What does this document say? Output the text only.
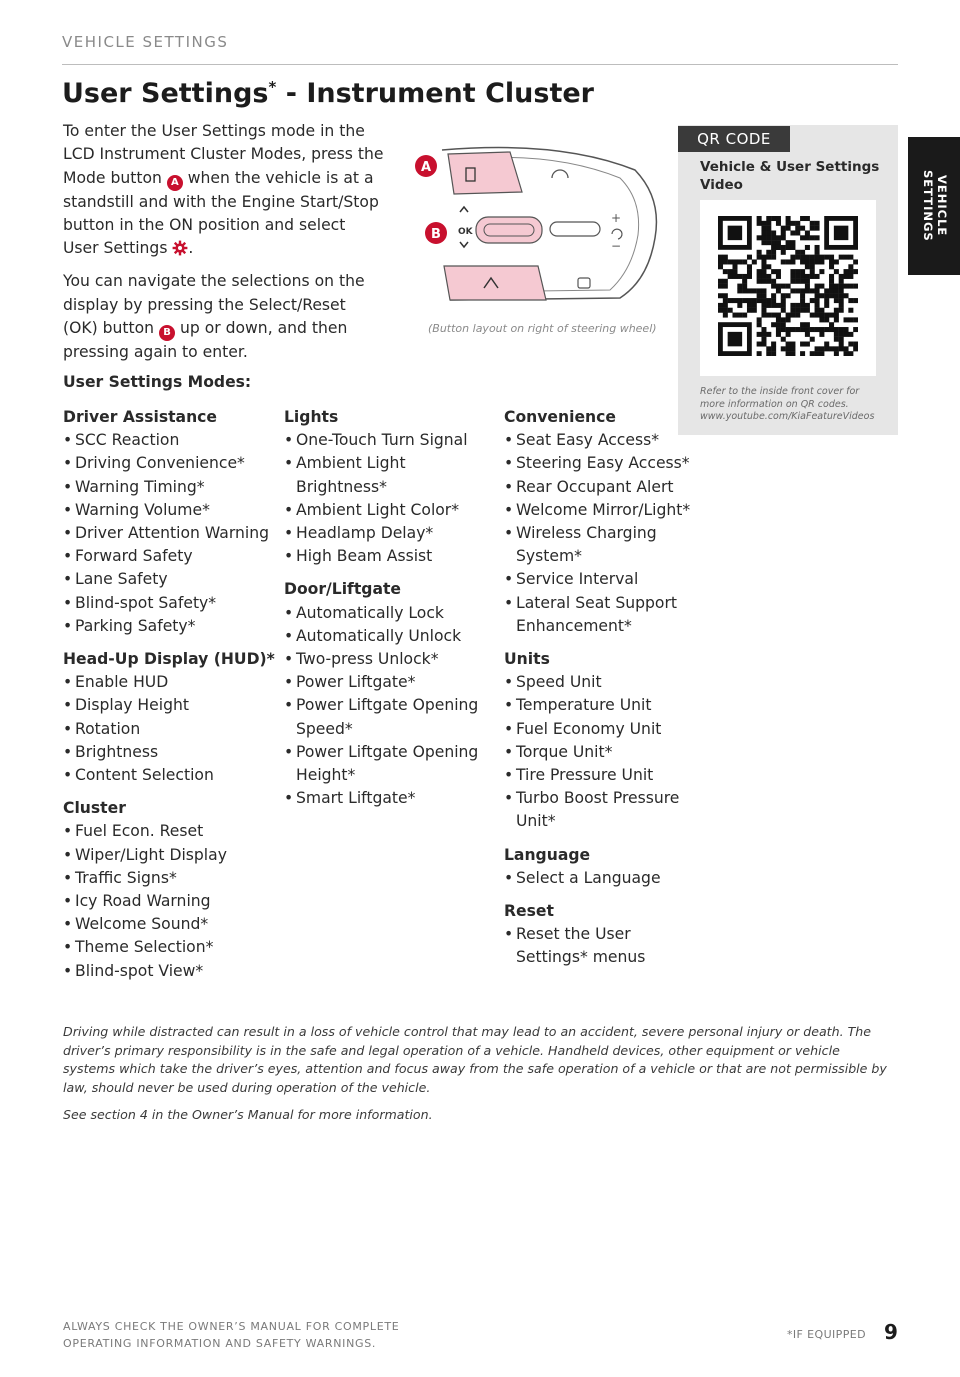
VEHICLE SETTINGS
VEHICLE SETTINGS
User Settings* - Instrument Cluster

To enter the User Settings mode in the LCD Instrument Cluster Modes, press the Mode button A when the vehicle is at a standstill and with the Engine Start/Stop button in the ON position and select User Settings .

You can navigate the selections on the display by pressing the Select/Reset (OK) button B up or down, and then pressing again to enter.

OK
+
−
A
B
(Button layout on right of steering wheel)
QR CODE
Vehicle & User Settings Video
Refer to the inside front cover for
more information on QR codes.
www.youtube.com/KiaFeatureVideos
User Settings Modes:
Driver Assistance
• SCC Reaction
• Driving Convenience*
• Warning Timing*
• Warning Volume*
• Driver Attention Warning
• Forward Safety
• Lane Safety
• Blind-spot Safety*
• Parking Safety*
Head-Up Display (HUD)*
• Enable HUD
• Display Height
• Rotation
• Brightness
• Content Selection
Cluster
• Fuel Econ. Reset
• Wiper/Light Display
• Traffic Signs*
• Icy Road Warning
• Welcome Sound*
• Theme Selection*
• Blind-spot View*
Lights
• One-Touch Turn Signal
• Ambient Light Brightness*
• Ambient Light Color*
• Headlamp Delay*
• High Beam Assist
Door/Liftgate
• Automatically Lock
• Automatically Unlock
• Two-press Unlock*
• Power Liftgate*
• Power Liftgate Opening Speed*
• Power Liftgate Opening Height*
• Smart Liftgate*
Convenience
• Seat Easy Access*
• Steering Easy Access*
• Rear Occupant Alert
• Welcome Mirror/Light*
• Wireless Charging System*
• Service Interval
• Lateral Seat Support Enhancement*
Units
• Speed Unit
• Temperature Unit
• Fuel Economy Unit
• Torque Unit*
• Tire Pressure Unit
• Turbo Boost Pressure Unit*
Language
• Select a Language
Reset
• Reset the User Settings* menus

Driving while distracted can result in a loss of vehicle control that may lead to an accident, severe personal injury or death. The driver’s primary responsibility is in the safe and legal operation of a vehicle. Handheld devices, other equipment or vehicle systems which take the driver’s eyes, attention and focus away from the safe operation of a vehicle or that are not permissible by law, should never be used during operation of the vehicle.

See section 4 in the Owner’s Manual for more information.

ALWAYS CHECK THE OWNER’S MANUAL FOR COMPLETE
OPERATING INFORMATION AND SAFETY WARNINGS.
*IF EQUIPPED 9
